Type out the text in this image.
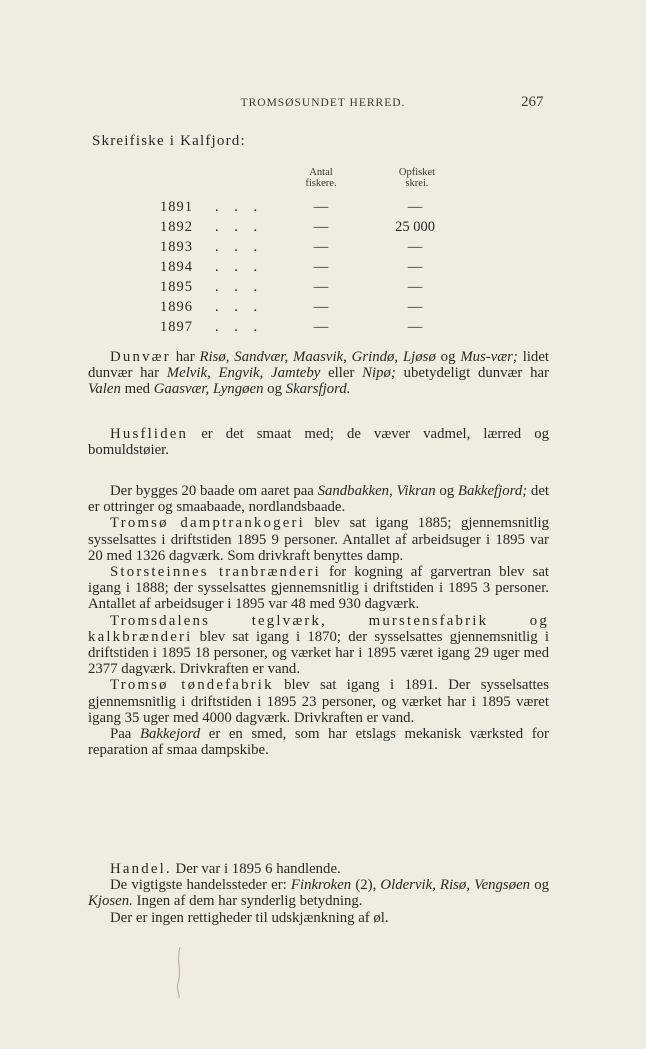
TROMSØSUNDET HERRED.	267
Skreifiske i Kalfjord:
Antal
fiskere.
Opfisket
skrei.
1891 . . .	—	—
1892 . . .	—	25 000
1893 . . .	—	—
1894 . . .	—	—
1895 . . .	—	—
1896 . . .	—	—
1897 . . .	—	—

Dunvær har Risø, Sandvær, Maasvik, Grindø, Ljøsø og Mus-vær; lidet dunvær har Melvik, Engvik, Jamteby eller Nipø; ubetydeligt dunvær har Valen med Gaasvær, Lyngøen og Skarsfjord.

Husfliden er det smaat med; de væver vadmel, lærred og bomuldstøier.

Der bygges 20 baade om aaret paa Sandbakken, Vikran og Bakkefjord; det er ottringer og smaabaade, nordlandsbaade.

Tromsø damptrankogeri blev sat igang 1885; gjennemsnitlig sysselsattes i driftstiden 1895 9 personer. Antallet af arbeidsuger i 1895 var 20 med 1326 dagværk. Som drivkraft benyttes damp.

Storsteinnes tranbrænderi for kogning af garvertran blev sat igang i 1888; der sysselsattes gjennemsnitlig i driftstiden i 1895 3 personer. Antallet af arbeidsuger i 1895 var 48 med 930 dagværk.

Tromsdalens teglværk, murstensfabrik og kalkbrænderi blev sat igang i 1870; der sysselsattes gjennemsnitlig i driftstiden i 1895 18 personer, og værket har i 1895 været igang 29 uger med 2377 dagværk. Drivkraften er vand.

Tromsø tøndefabrik blev sat igang i 1891. Der sysselsattes gjennemsnitlig i driftstiden i 1895 23 personer, og værket har i 1895 været igang 35 uger med 4000 dagværk. Drivkraften er vand.

Paa Bakkejord er en smed, som har etslags mekanisk værksted for reparation af smaa dampskibe.

Handel. Der var i 1895 6 handlende.

De vigtigste handelssteder er: Finkroken (2), Oldervik, Risø, Vengsøen og Kjosen. Ingen af dem har synderlig betydning.

Der er ingen rettigheder til udskjænkning af øl.
